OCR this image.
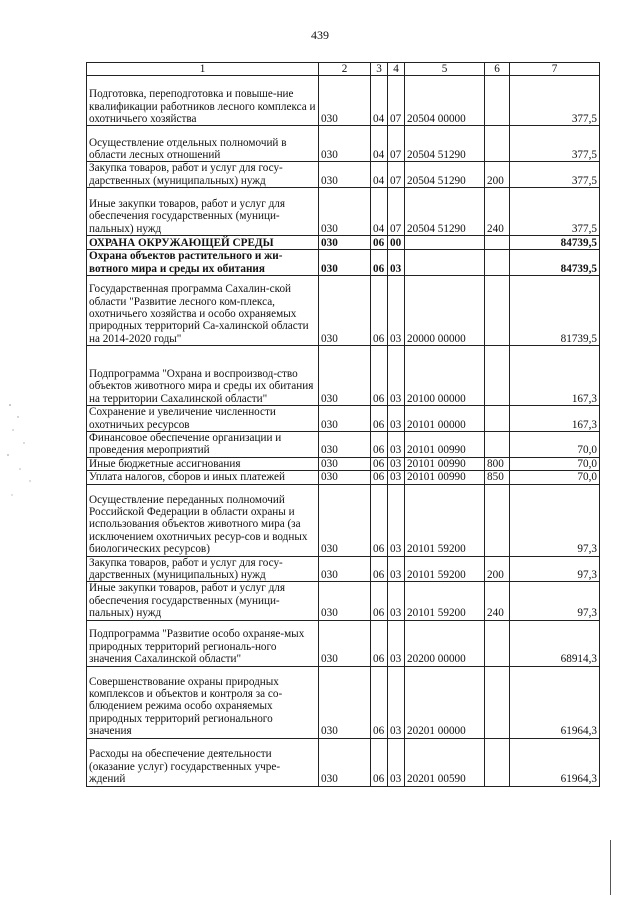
439
1	2	3	4	5	6	7
Подготовка, переподготовка и повыше-ние квалификации работников лесного комплекса и охотничьего хозяйства	030	04	07	20504 00000		377,5
Осуществление отдельных полномочий в области лесных отношений	030	04	07	20504 51290		377,5
Закупка товаров, работ и услуг для госу-дарственных (муниципальных) нужд	030	04	07	20504 51290	200	377,5
Иные закупки товаров, работ и услуг для обеспечения государственных (муници-пальных) нужд	030	04	07	20504 51290	240	377,5
ОХРАНА ОКРУЖАЮЩЕЙ СРЕДЫ	030	06	00			84739,5
Охрана объектов растительного и жи-вотного мира и среды их обитания	030	06	03			84739,5
Государственная программа Сахалин-ской области "Развитие лесного ком-плекса, охотничьего хозяйства и особо охраняемых природных территорий Са-халинской области на 2014-2020 годы"	030	06	03	20000 00000		81739,5
Подпрограмма "Охрана и воспроизвод-ство объектов животного мира и среды их обитания на территории Сахалинской области"	030	06	03	20100 00000		167,3
Сохранение и увеличение численности охотничьих ресурсов	030	06	03	20101 00000		167,3
Финансовое обеспечение организации и проведения мероприятий	030	06	03	20101 00990		70,0
Иные бюджетные ассигнования	030	06	03	20101 00990	800	70,0
Уплата налогов, сборов и иных платежей	030	06	03	20101 00990	850	70,0
Осуществление переданных полномочий Российской Федерации в области охраны и использования объектов животного мира (за исключением охотничьих ресур-сов и водных биологических ресурсов)	030	06	03	20101 59200		97,3
Закупка товаров, работ и услуг для госу-дарственных (муниципальных) нужд	030	06	03	20101 59200	200	97,3
Иные закупки товаров, работ и услуг для обеспечения государственных (муници-пальных) нужд	030	06	03	20101 59200	240	97,3
Подпрограмма "Развитие особо охраняе-мых природных территорий региональ-ного значения Сахалинской области"	030	06	03	20200 00000		68914,3
Совершенствование охраны природных комплексов и объектов и контроля за со-блюдением режима особо охраняемых природных территорий регионального значения	030	06	03	20201 00000		61964,3
Расходы на обеспечение деятельности (оказание услуг) государственных учре-ждений	030	06	03	20201 00590		61964,3
